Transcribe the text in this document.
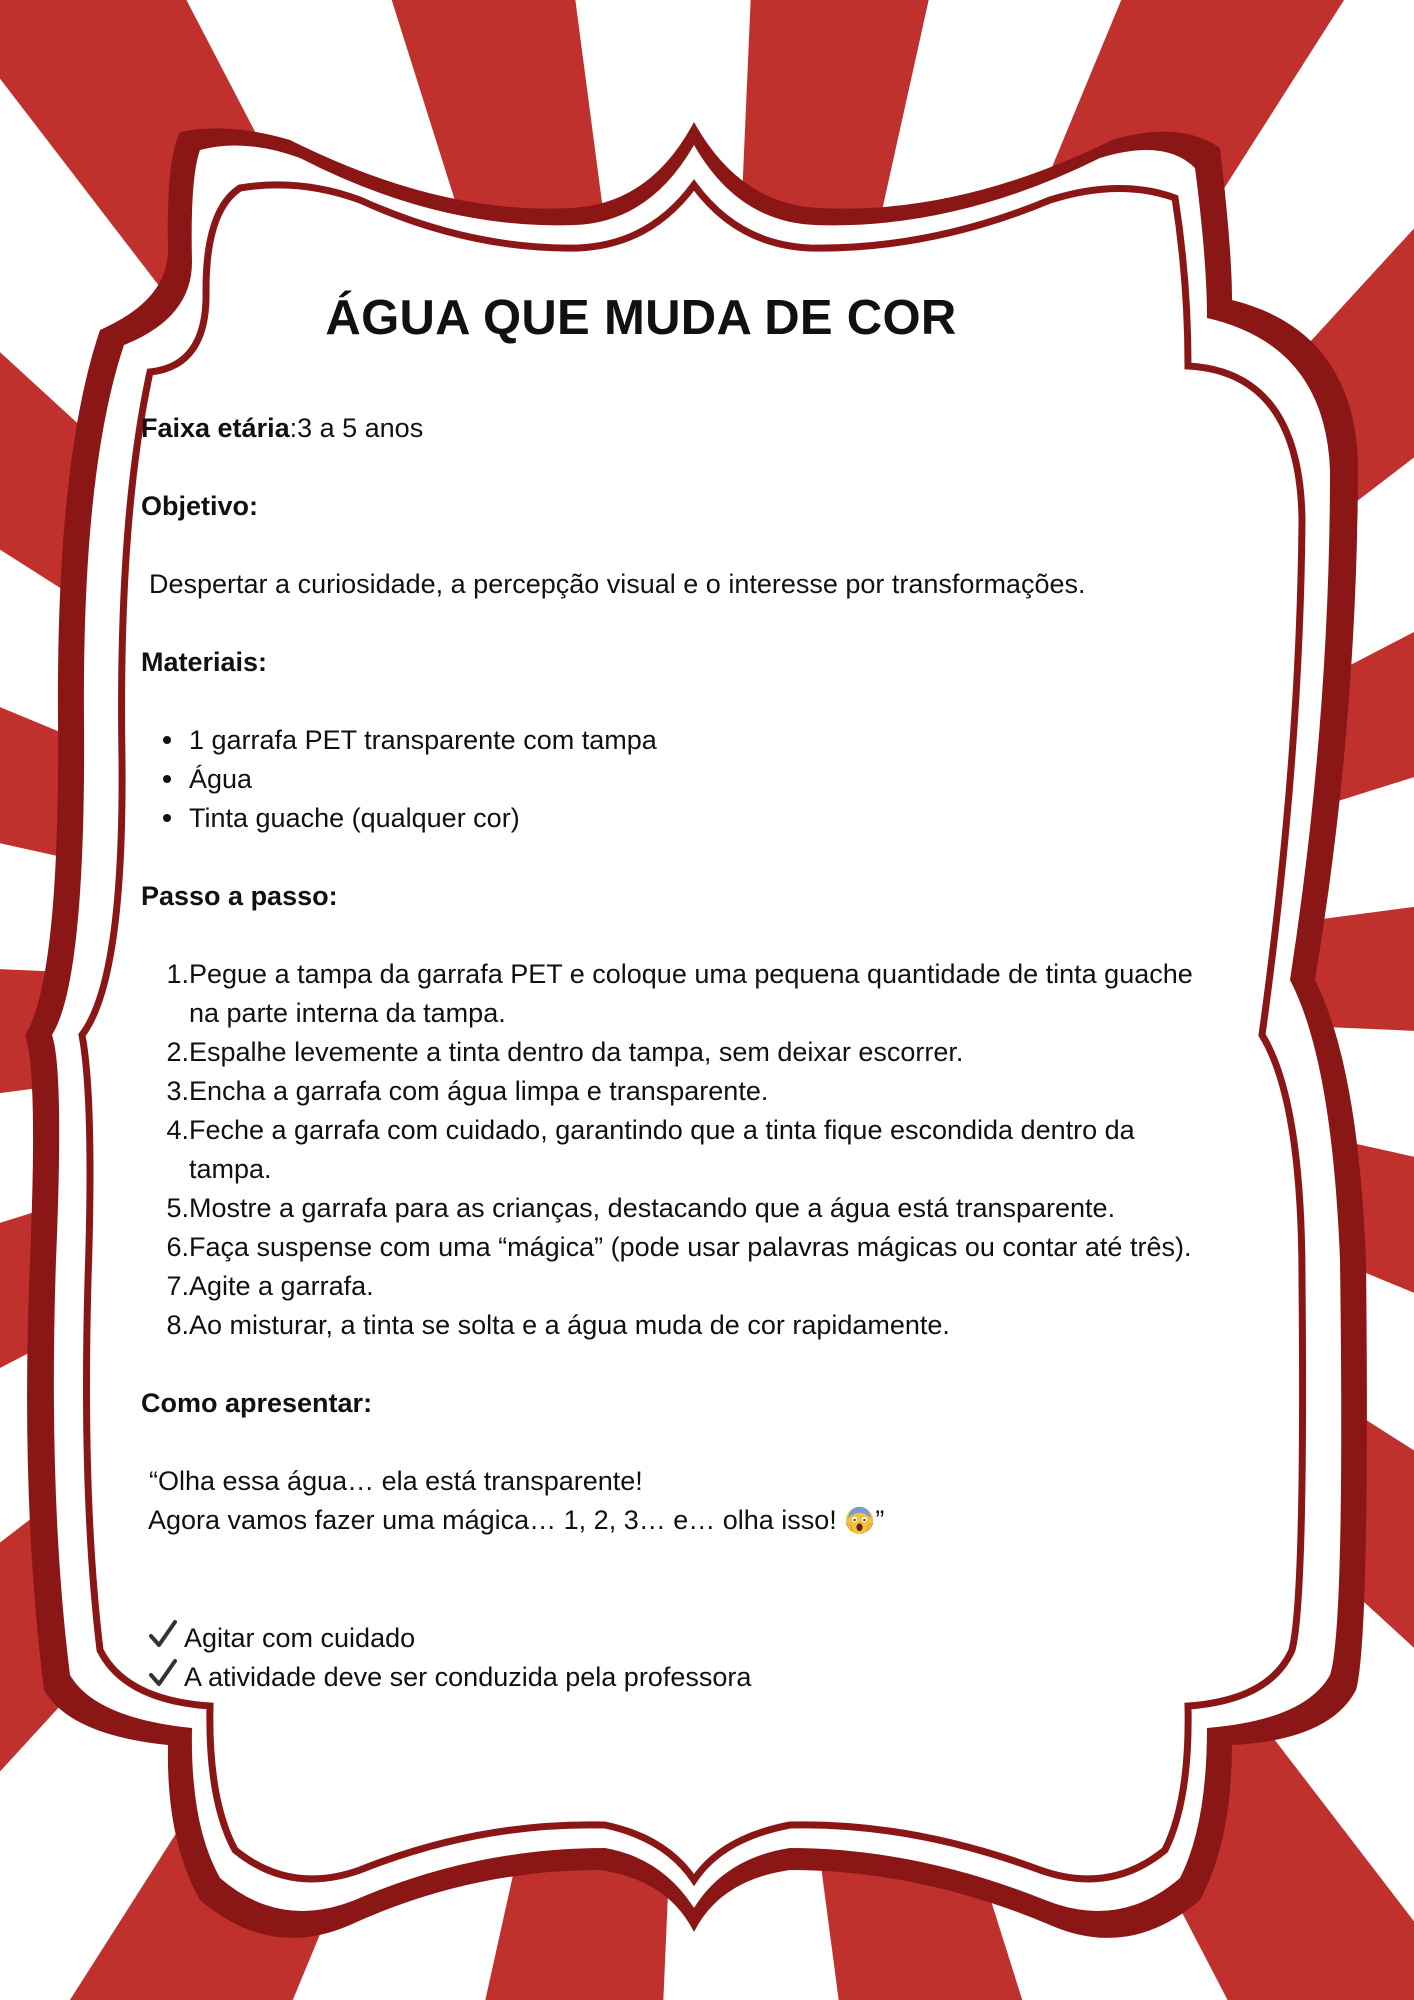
ÁGUA QUE MUDA DE COR
Faixa etária:3 a 5 anos
Objetivo:
Despertar a curiosidade, a percepção visual e o interesse por transformações.
Materiais:
1 garrafa PET transparente com tampa
Água
Tinta guache (qualquer cor)
Passo a passo:
1. Pegue a tampa da garrafa PET e coloque uma pequena quantidade de tinta guache
na parte interna da tampa.
2. Espalhe levemente a tinta dentro da tampa, sem deixar escorrer.
3. Encha a garrafa com água limpa e transparente.
4. Feche a garrafa com cuidado, garantindo que a tinta fique escondida dentro da
tampa.
5. Mostre a garrafa para as crianças, destacando que a água está transparente.
6. Faça suspense com uma “mágica” (pode usar palavras mágicas ou contar até três).
7. Agite a garrafa.
8. Ao misturar, a tinta se solta e a água muda de cor rapidamente.
Como apresentar:
“Olha essa água… ela está transparente!
Agora vamos fazer uma mágica… 1, 2, 3… e… olha isso! ”
Agitar com cuidado
A atividade deve ser conduzida pela professora
